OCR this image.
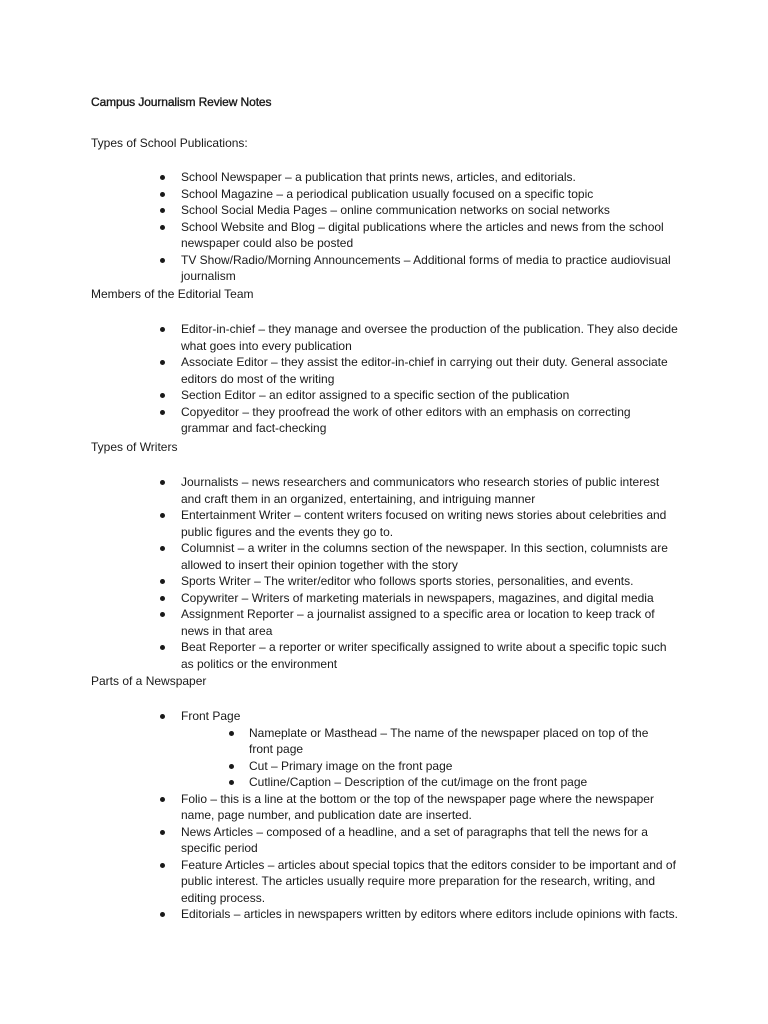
Campus Journalism Review Notes
Types of School Publications:
School Newspaper – a publication that prints news, articles, and editorials.
School Magazine – a periodical publication usually focused on a specific topic
School Social Media Pages – online communication networks on social networks
School Website and Blog – digital publications where the articles and news from the school newspaper could also be posted
TV Show/Radio/Morning Announcements – Additional forms of media to practice audiovisual journalism
Members of the Editorial Team
Editor-in-chief – they manage and oversee the production of the publication. They also decide what goes into every publication
Associate Editor – they assist the editor-in-chief in carrying out their duty. General associate editors do most of the writing
Section Editor – an editor assigned to a specific section of the publication
Copyeditor – they proofread the work of other editors with an emphasis on correcting grammar and fact-checking
Types of Writers
Journalists – news researchers and communicators who research stories of public interest and craft them in an organized, entertaining, and intriguing manner
Entertainment Writer – content writers focused on writing news stories about celebrities and public figures and the events they go to.
Columnist – a writer in the columns section of the newspaper. In this section, columnists are allowed to insert their opinion together with the story
Sports Writer – The writer/editor who follows sports stories, personalities, and events.
Copywriter – Writers of marketing materials in newspapers, magazines, and digital media
Assignment Reporter – a journalist assigned to a specific area or location to keep track of news in that area
Beat Reporter – a reporter or writer specifically assigned to write about a specific topic such as politics or the environment
Parts of a Newspaper
Front Page
Nameplate or Masthead – The name of the newspaper placed on top of the front page
Cut – Primary image on the front page
Cutline/Caption – Description of the cut/image on the front page
Folio – this is a line at the bottom or the top of the newspaper page where the newspaper name, page number, and publication date are inserted.
News Articles – composed of a headline, and a set of paragraphs that tell the news for a specific period
Feature Articles – articles about special topics that the editors consider to be important and of public interest. The articles usually require more preparation for the research, writing, and editing process.
Editorials – articles in newspapers written by editors where editors include opinions with facts.
